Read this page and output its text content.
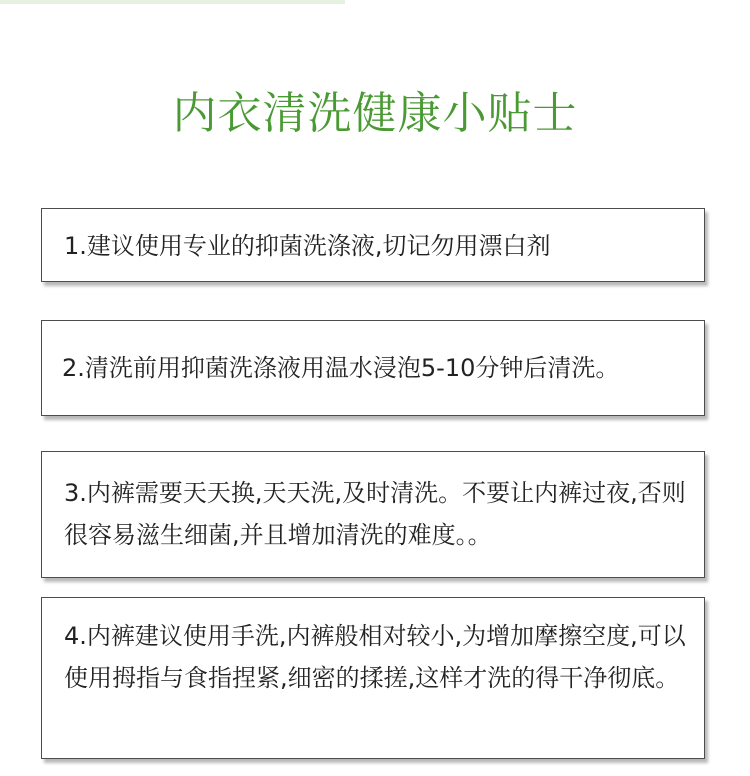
内衣清洗健康小贴士
1.建议使用专业的抑菌洗涤液,切记勿用漂白剂
2.清洗前用抑菌洗涤液用温水浸泡5-10分钟后清洗。
3.内裤需要天天换,天天洗,及时清洗。不要让内裤过夜,否则很容易滋生细菌,并且增加清洗的难度。。
4.内裤建议使用手洗,内裤般相对较小,为增加摩擦空度,可以使用拇指与食指捏紧,细密的揉搓,这样才洗的得干净彻底。
